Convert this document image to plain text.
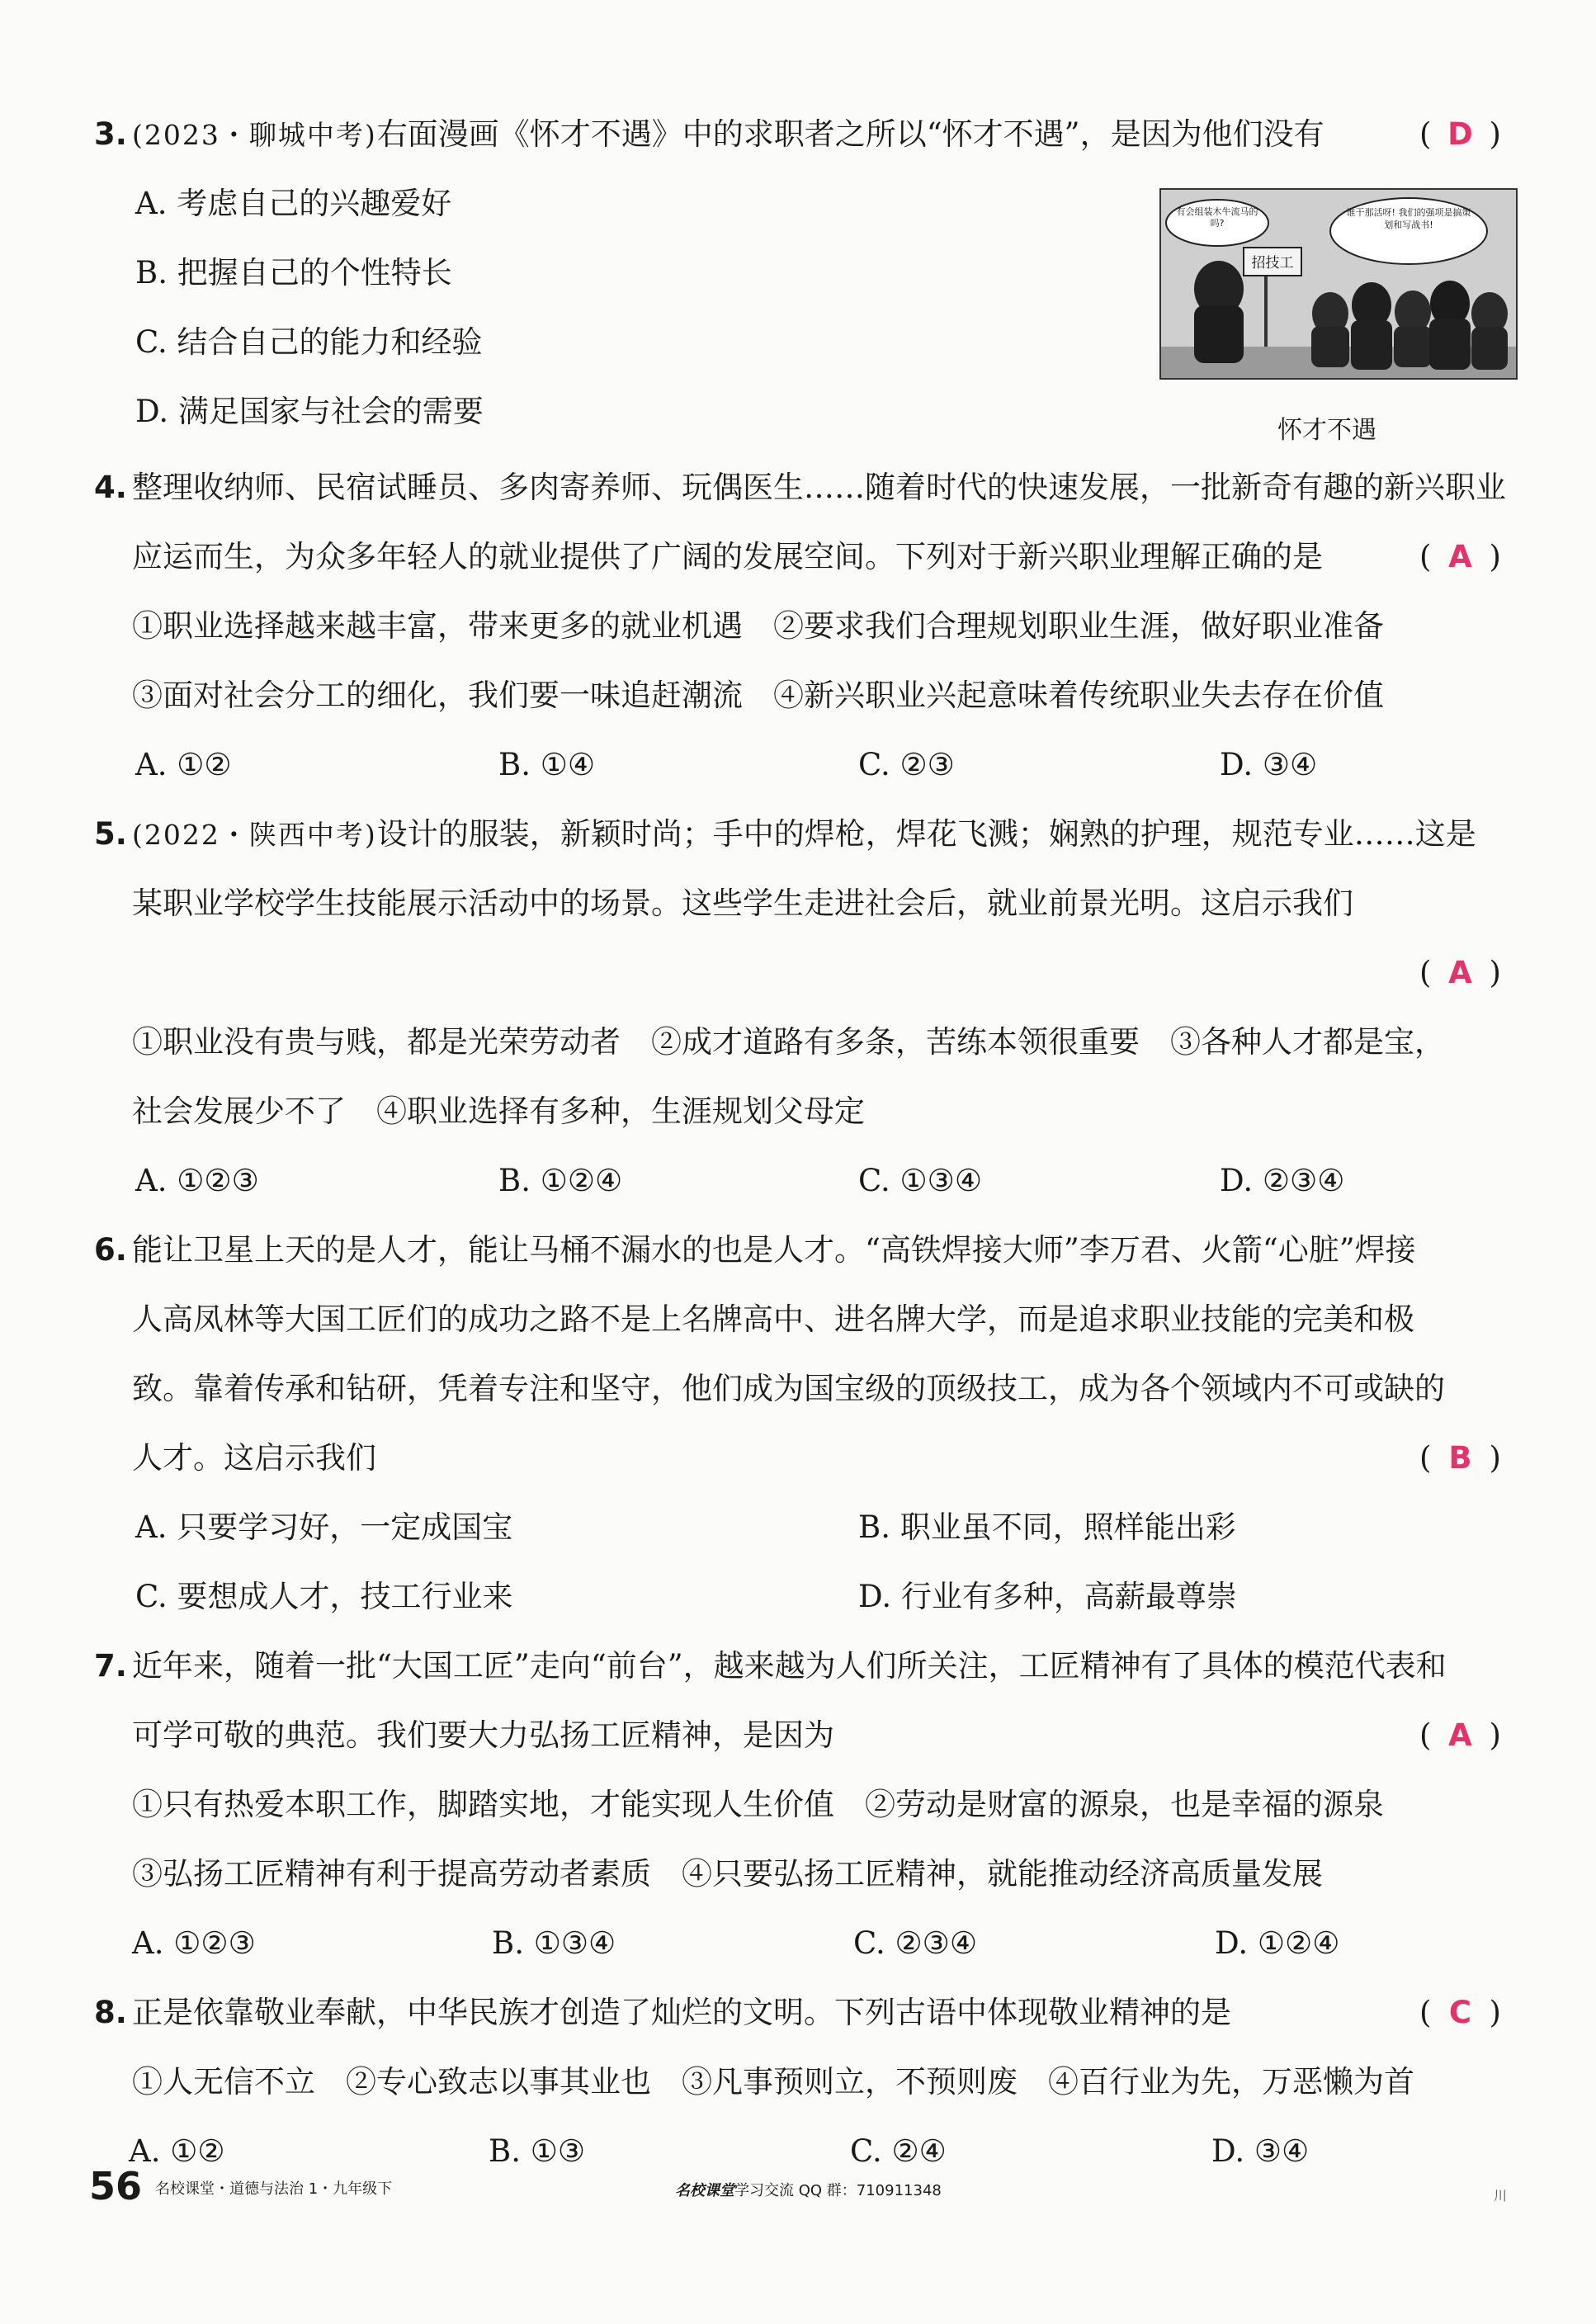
3. (2023・聊城中考)右面漫画《怀才不遇》中的求职者之所以“怀才不遇”，是因为他们没有	( D )
A. 考虑自己的兴趣爱好
B. 把握自己的个性特长
C. 结合自己的能力和经验
D. 满足国家与社会的需要
招技工
有会组装木牛流马的吗?
谁干那活呀! 我们的强项是搞策划和写战书!
怀才不遇
4. 整理收纳师、民宿试睡员、多肉寄养师、玩偶医生……随着时代的快速发展，一批新奇有趣的新兴职业
应运而生，为众多年轻人的就业提供了广阔的发展空间。下列对于新兴职业理解正确的是	( A )
①职业选择越来越丰富，带来更多的就业机遇　②要求我们合理规划职业生涯，做好职业准备
③面对社会分工的细化，我们要一味追赶潮流　④新兴职业兴起意味着传统职业失去存在价值
A. ①②	B. ①④	C. ②③	D. ③④
5. (2022・陕西中考)设计的服装，新颖时尚；手中的焊枪，焊花飞溅；娴熟的护理，规范专业……这是
某职业学校学生技能展示活动中的场景。这些学生走进社会后，就业前景光明。这启示我们
( A )
①职业没有贵与贱，都是光荣劳动者　②成才道路有多条，苦练本领很重要　③各种人才都是宝，
社会发展少不了　④职业选择有多种，生涯规划父母定
A. ①②③	B. ①②④	C. ①③④	D. ②③④
6. 能让卫星上天的是人才，能让马桶不漏水的也是人才。“高铁焊接大师”李万君、火箭“心脏”焊接
人高凤林等大国工匠们的成功之路不是上名牌高中、进名牌大学，而是追求职业技能的完美和极
致。靠着传承和钻研，凭着专注和坚守，他们成为国宝级的顶级技工，成为各个领域内不可或缺的
人才。这启示我们	( B )
A. 只要学习好，一定成国宝	B. 职业虽不同，照样能出彩
C. 要想成人才，技工行业来	D. 行业有多种，高薪最尊崇
7. 近年来，随着一批“大国工匠”走向“前台”，越来越为人们所关注，工匠精神有了具体的模范代表和
可学可敬的典范。我们要大力弘扬工匠精神，是因为	( A )
①只有热爱本职工作，脚踏实地，才能实现人生价值　②劳动是财富的源泉，也是幸福的源泉
③弘扬工匠精神有利于提高劳动者素质　④只要弘扬工匠精神，就能推动经济高质量发展
A. ①②③	B. ①③④	C. ②③④	D. ①②④
8. 正是依靠敬业奉献，中华民族才创造了灿烂的文明。下列古语中体现敬业精神的是	( C )
①人无信不立　②专心致志以事其业也　③凡事预则立，不预则废　④百行业为先，万恶懒为首
A. ①②	B. ①③	C. ②④	D. ③④
56 名校课堂・道德与法治 1・九年级下	名校课堂学习交流 QQ 群：710911348	川
